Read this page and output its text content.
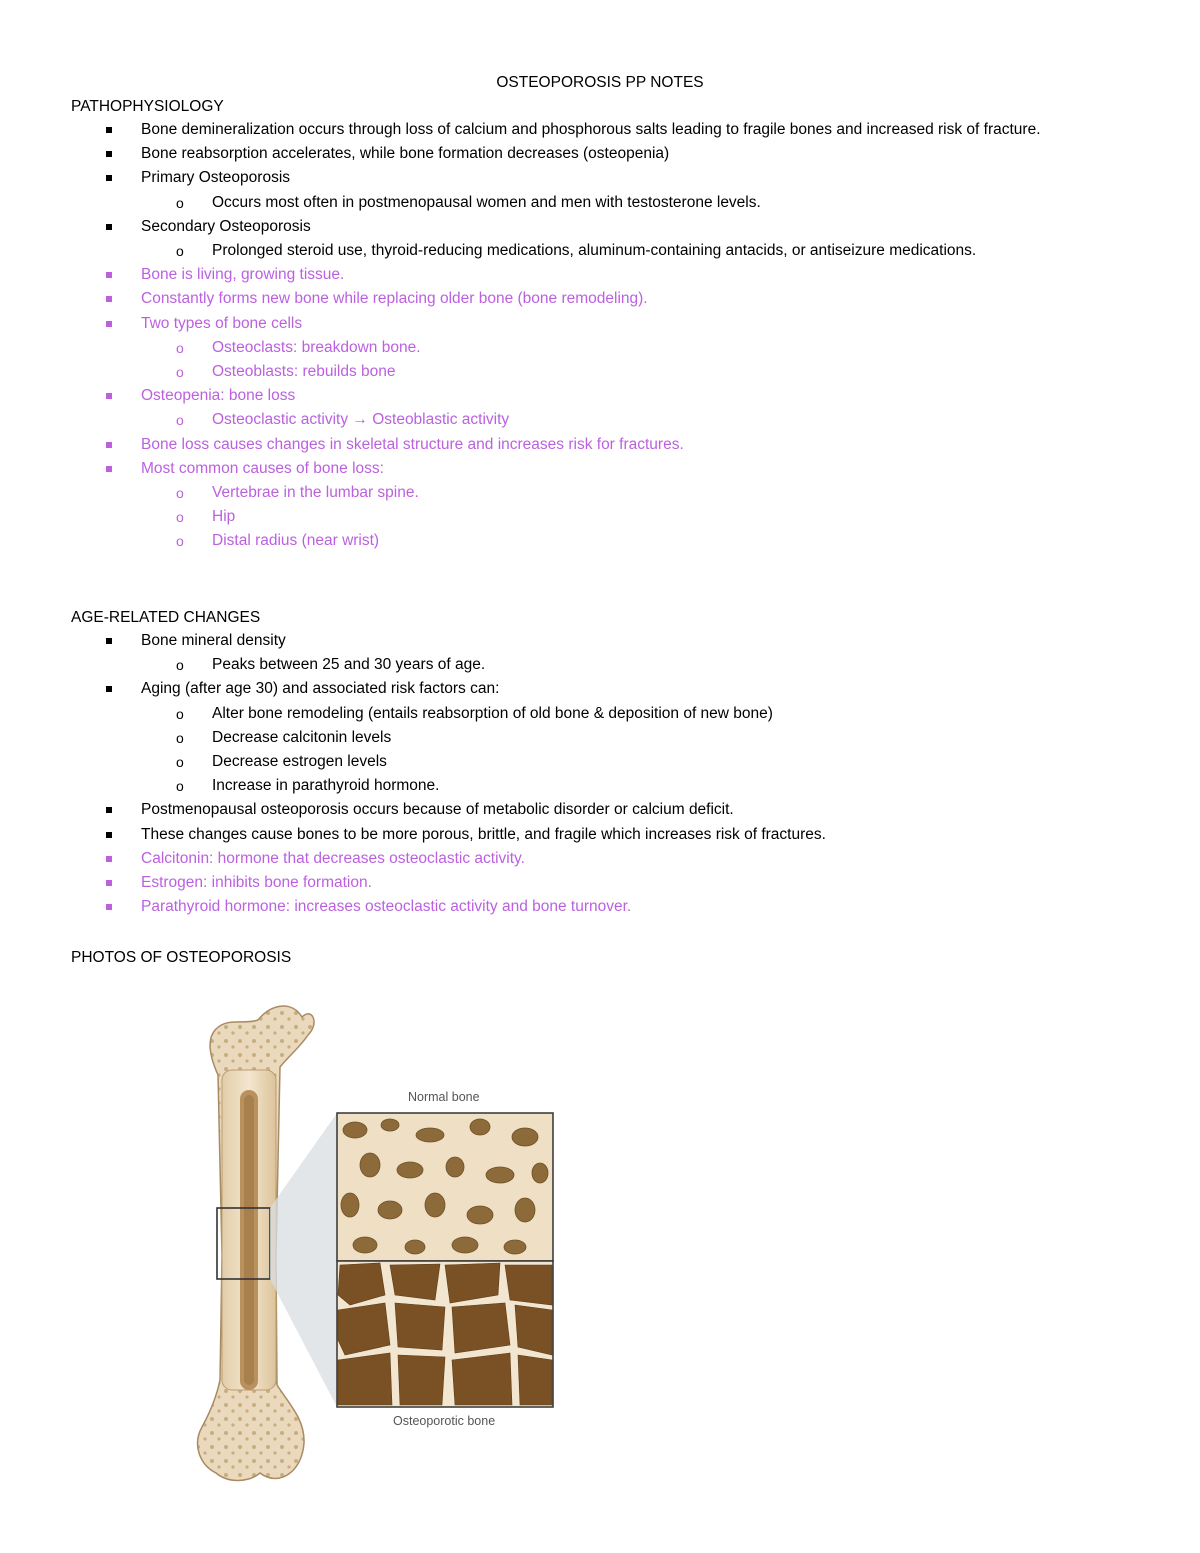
OSTEOPOROSIS PP NOTES
PATHOPHYSIOLOGY
Bone demineralization occurs through loss of calcium and phosphorous salts leading to fragile bones and increased risk of fracture.
Bone reabsorption accelerates, while bone formation decreases (osteopenia)
Primary Osteoporosis
o Occurs most often in postmenopausal women and men with testosterone levels.
Secondary Osteoporosis
o Prolonged steroid use, thyroid-reducing medications, aluminum-containing antacids, or antiseizure medications.
Bone is living, growing tissue.
Constantly forms new bone while replacing older bone (bone remodeling).
Two types of bone cells
o Osteoclasts: breakdown bone.
o Osteoblasts: rebuilds bone
Osteopenia: bone loss
o Osteoclastic activity → Osteoblastic activity
Bone loss causes changes in skeletal structure and increases risk for fractures.
Most common causes of bone loss:
o Vertebrae in the lumbar spine.
o Hip
o Distal radius (near wrist)
AGE-RELATED CHANGES
Bone mineral density
o Peaks between 25 and 30 years of age.
Aging (after age 30) and associated risk factors can:
o Alter bone remodeling (entails reabsorption of old bone & deposition of new bone)
o Decrease calcitonin levels
o Decrease estrogen levels
o Increase in parathyroid hormone.
Postmenopausal osteoporosis occurs because of metabolic disorder or calcium deficit.
These changes cause bones to be more porous, brittle, and fragile which increases risk of fractures.
Calcitonin: hormone that decreases osteoclastic activity.
Estrogen: inhibits bone formation.
Parathyroid hormone: increases osteoclastic activity and bone turnover.
PHOTOS OF OSTEOPOROSIS
Normal bone
Osteoporotic bone
